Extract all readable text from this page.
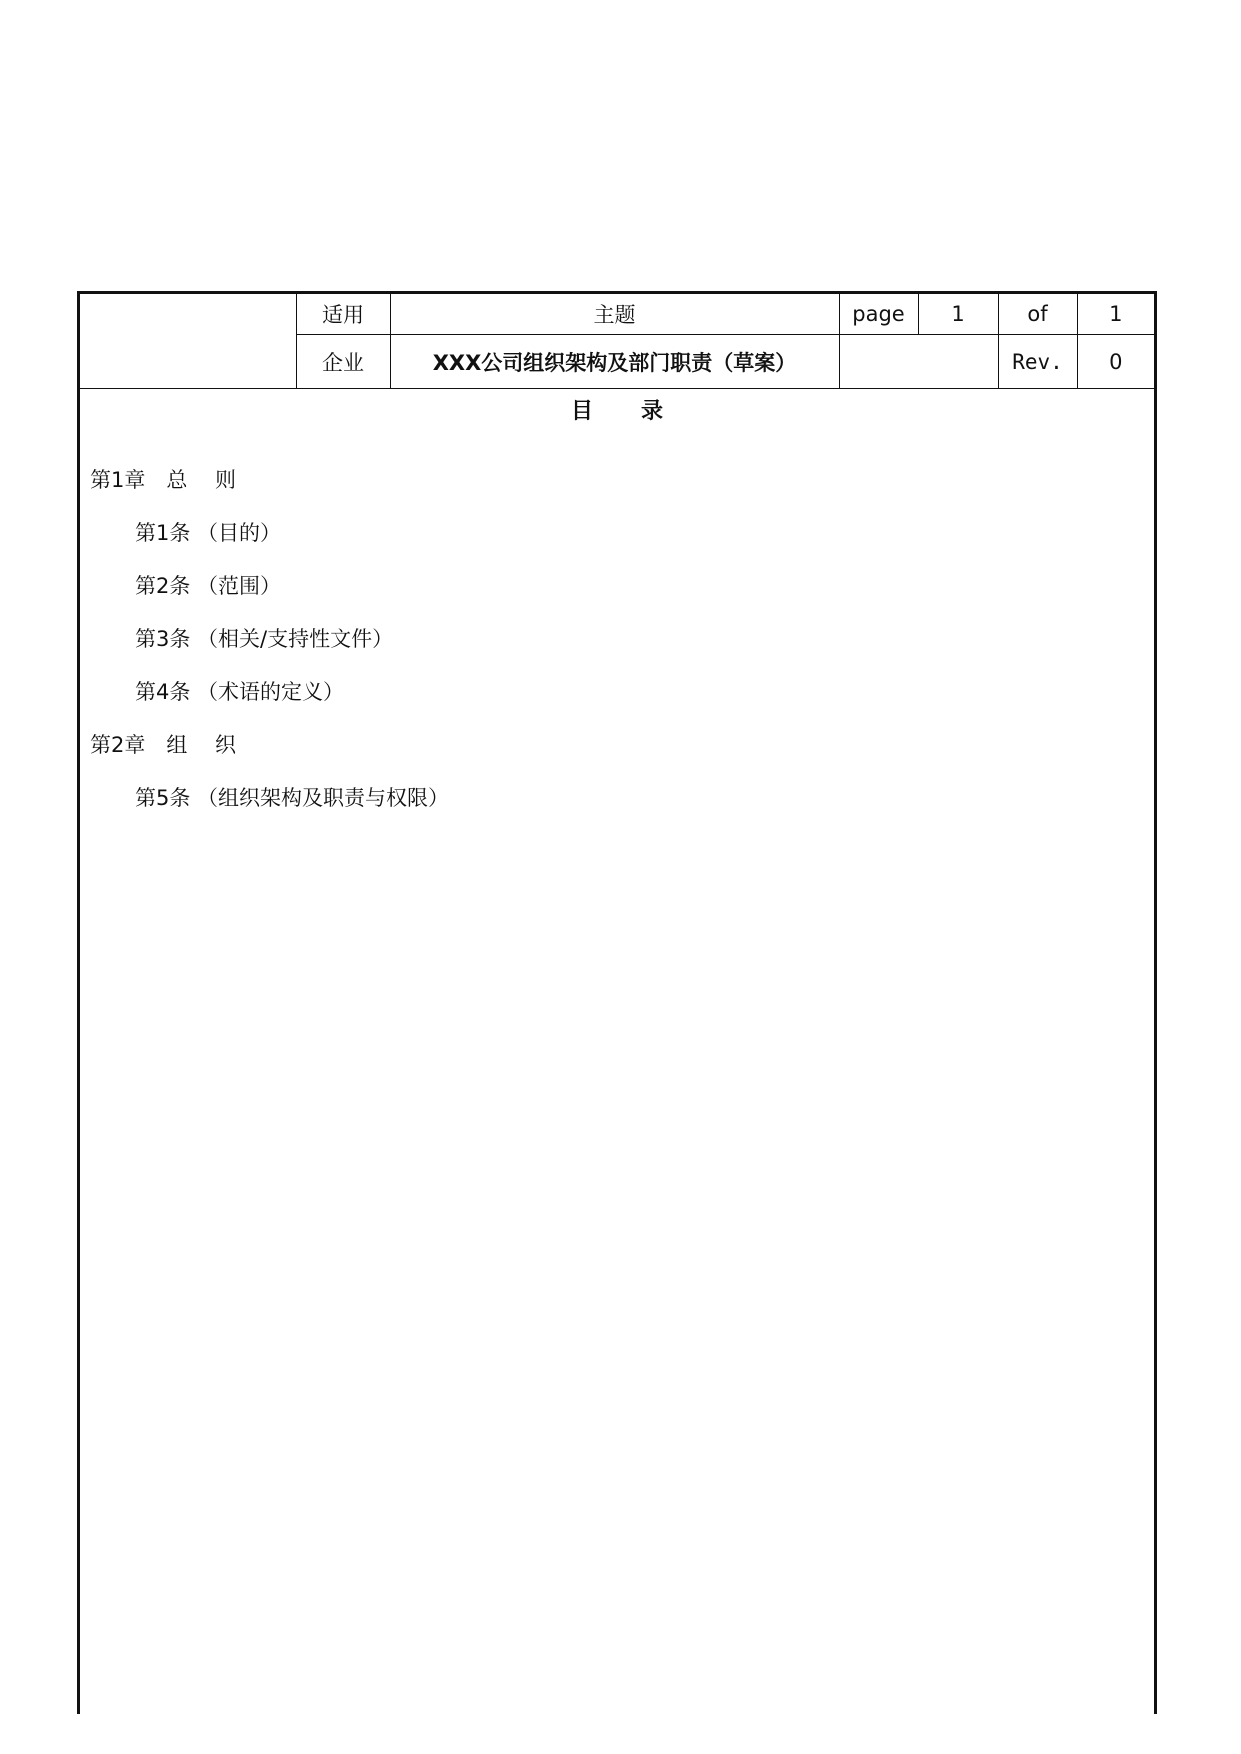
	适用	主题	page	1	of	1
	企业	XXX公司组织架构及部门职责（草案）			Rev.	0
目录
第1章　总　 则
第1条 （目的）
第2条 （范围）
第3条 （相关/支持性文件）
第4条 （术语的定义）
第2章　组　 织
第5条 （组织架构及职责与权限）
